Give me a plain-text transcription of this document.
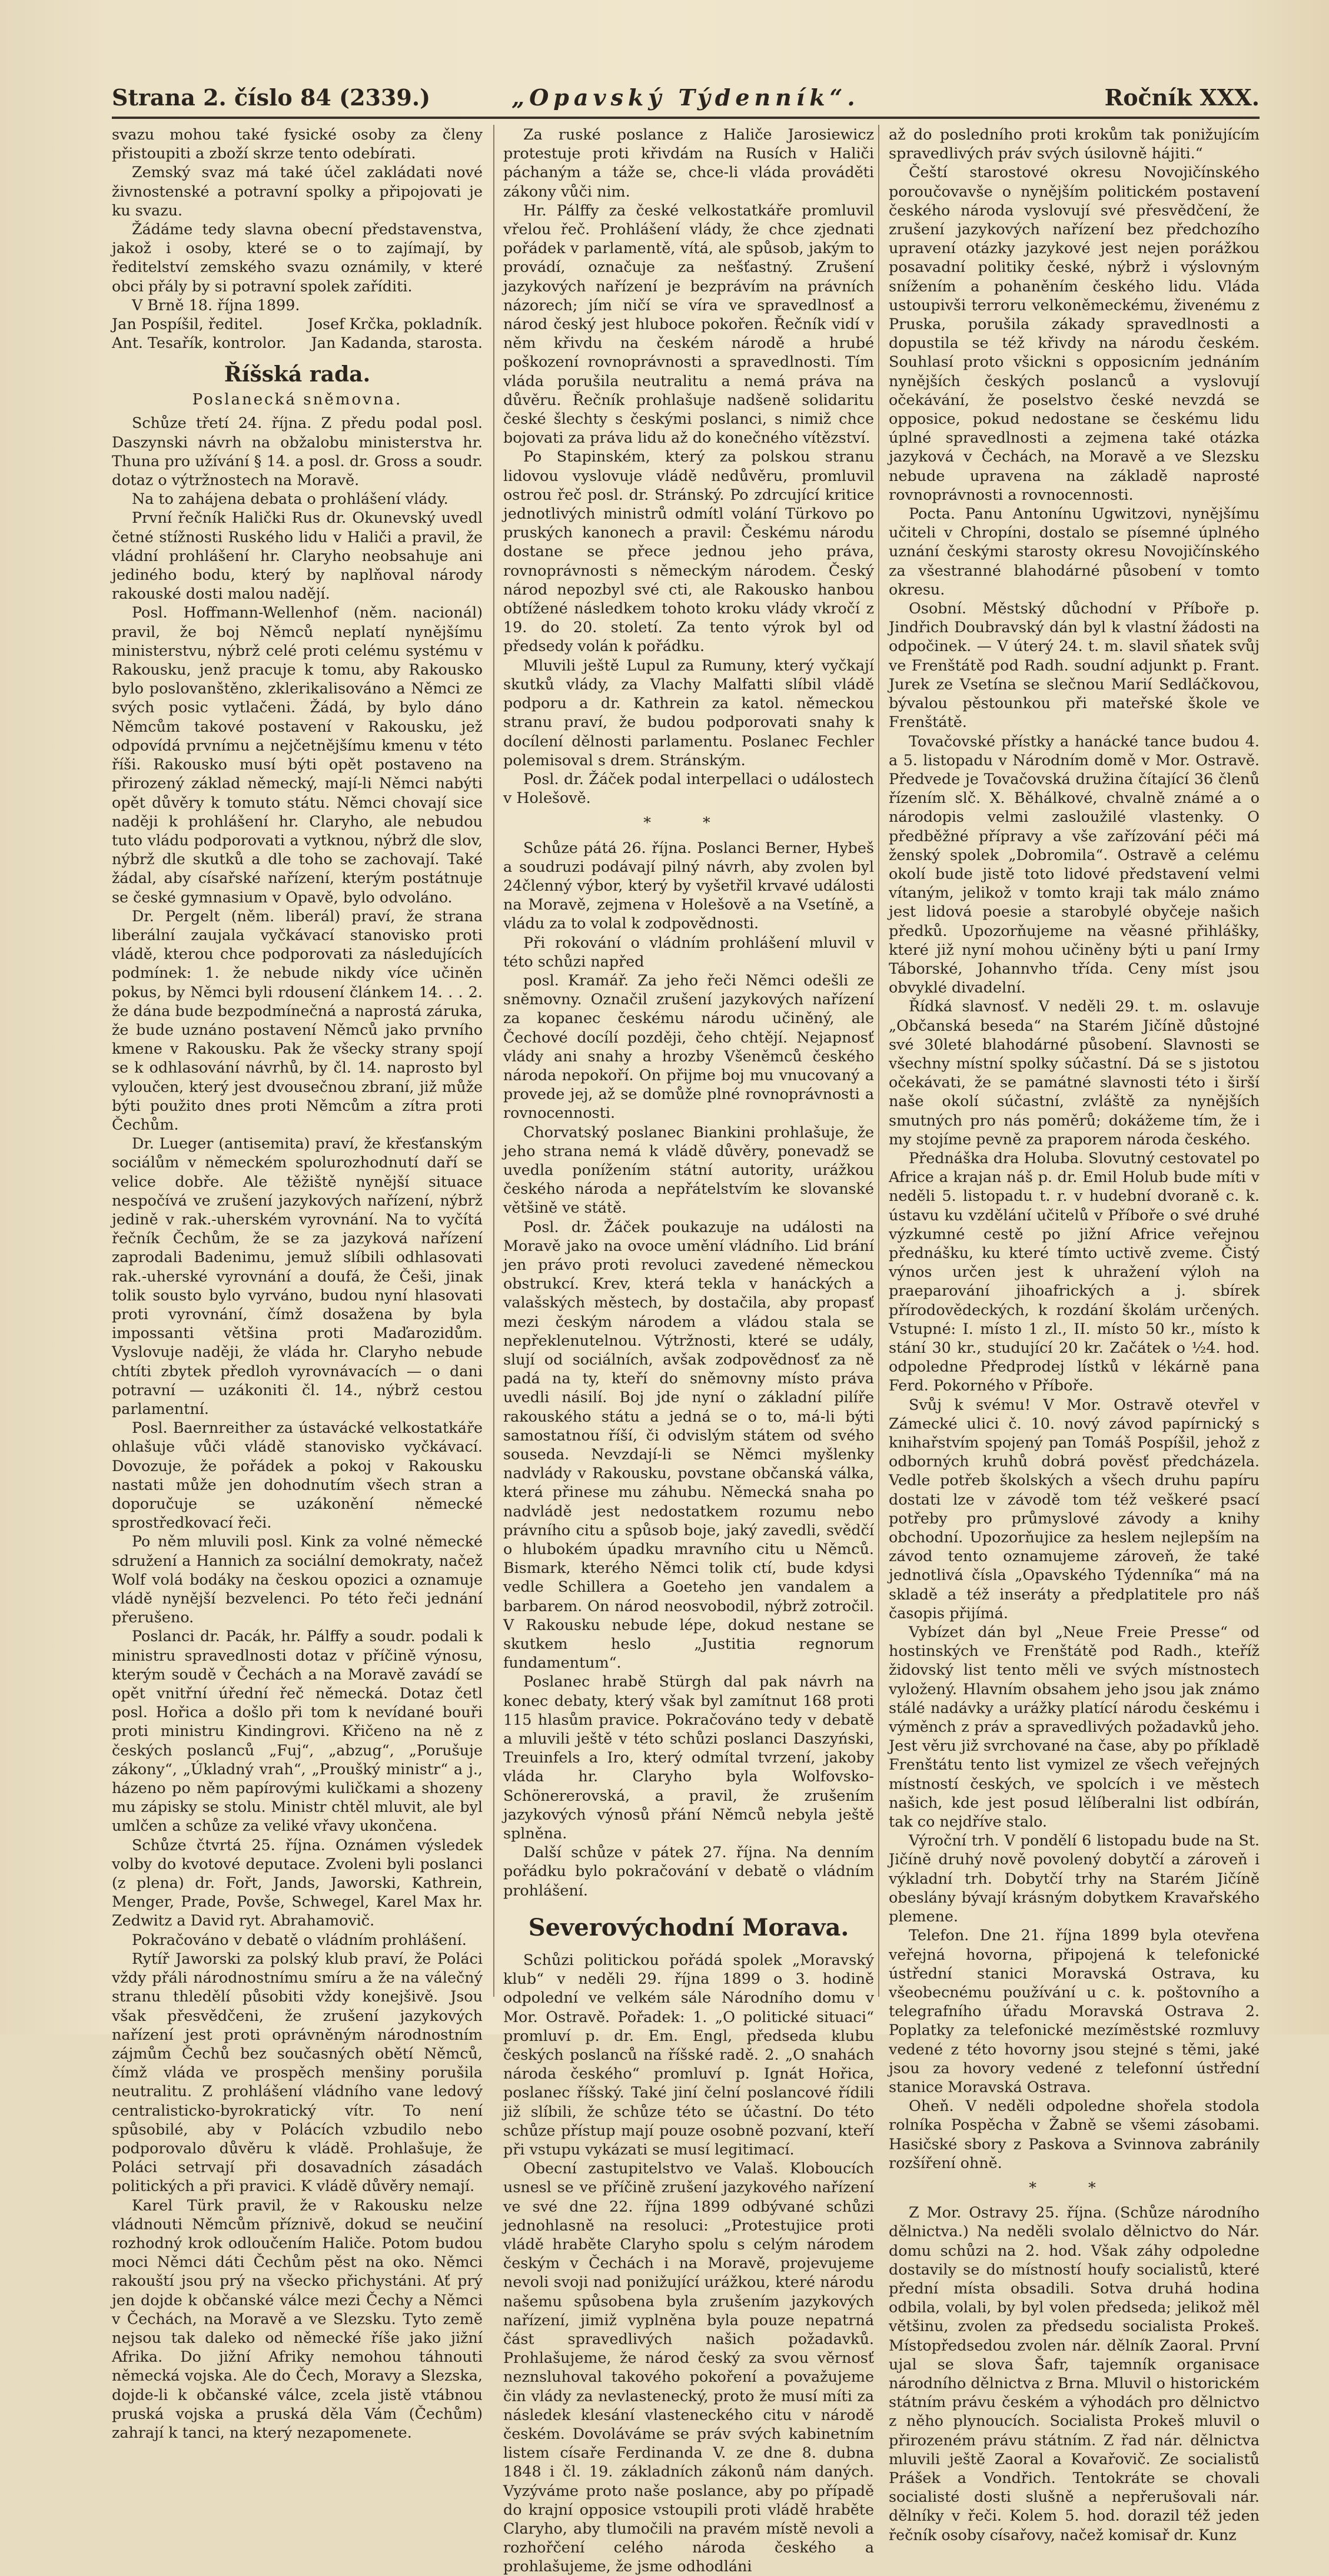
Strana 2. číslo 84 (2339.)	„Opavský Týdenník“.	Ročník XXX.

svazu mohou také fysické osoby za členy přistoupiti a zboží skrze tento odebírati.

Zemský svaz má také účel zakládati nové živnostenské a potravní spolky a připojovati je ku svazu.

Žádáme tedy slavna obecní představenstva, jakož i osoby, které se o to zajímají, by ředitelství zemského svazu oznámily, v které obci přály by si potravní spolek zaříditi.

V Brně 18. října 1899.

Jan Pospíšil, ředitel.	Josef Krčka, pokladník.
Ant. Tesařík, kontrolor. Jan Kadanda, starosta.
Říšská rada.
Poslanecká sněmovna.

Schůze třetí 24. října. Z předu podal posl. Daszynski návrh na obžalobu ministerstva hr. Thuna pro užívání § 14. a posl. dr. Gross a soudr. dotaz o výtržnostech na Moravě.

Na to zahájena debata o prohlášení vlády.

První řečník Halički Rus dr. Okunevský uvedl četné stížnosti Ruského lidu v Haliči a pravil, že vládní prohlášení hr. Claryho neobsahuje ani jediného bodu, který by naplňoval národy rakouské dosti malou nadějí.

Posl. Hoffmann-Wellenhof (něm. nacionál) pravil, že boj Němců neplatí nynějšímu ministerstvu, nýbrž celé proti celému systému v Rakousku, jenž pracuje k tomu, aby Rakousko bylo poslovanštěno, zklerikalisováno a Němci ze svých posic vytlačeni. Žádá, by bylo dáno Němcům takové postavení v Rakousku, jež odpovídá prvnímu a nejčetnějšímu kmenu v této říši. Rakousko musí býti opět postaveno na přirozený základ německý, mají-li Němci nabýti opět důvěry k tomuto státu. Němci chovají sice naději k prohlášení hr. Claryho, ale nebudou tuto vládu podporovati a vytknou, nýbrž dle slov, nýbrž dle skutků a dle toho se zachovají. Také žádal, aby císařské nařízení, kterým postátnuje se české gymnasium v Opavě, bylo odvoláno.

Dr. Pergelt (něm. liberál) praví, že strana liberální zaujala vyčkávací stanovisko proti vládě, kterou chce podporovati za následujících podmínek: 1. že nebude nikdy více učiněn pokus, by Němci byli rdousení článkem 14. . . 2. že dána bude bezpodmínečná a naprostá záruka, že bude uznáno postavení Němců jako prvního kmene v Rakousku. Pak že všecky strany spojí se k odhlasování návrhů, by čl. 14. naprosto byl vyloučen, který jest dvousečnou zbraní, již může býti použito dnes proti Němcům a zítra proti Čechům.

Dr. Lueger (antisemita) praví, že křesťanským sociálům v německém spolurozhodnutí daří se velice dobře. Ale těžiště nynější situace nespočívá ve zrušení jazykových nařízení, nýbrž jedině v rak.-uherském vyrovnání. Na to vyčítá řečník Čechům, že se za jazyková nařízení zaprodali Badenimu, jemuž slíbili odhlasovati rak.-uherské vyrovnání a doufá, že Češi, jinak tolik sousto bylo vyrváno, budou nyní hlasovati proti vyrovnání, čímž dosažena by byla impossanti většina proti Maďarozidům. Vyslovuje naději, že vláda hr. Claryho nebude chtíti zbytek předloh vyrovnávacích — o dani potravní — uzákoniti čl. 14., nýbrž cestou parlamentní.

Posl. Baernreither za ústavácké velkostatkáře ohlašuje vůči vládě stanovisko vyčkávací. Dovozuje, že pořádek a pokoj v Rakousku nastati může jen dohodnutím všech stran a doporučuje se uzákonění německé sprostředkovací řeči.

Po něm mluvili posl. Kink za volné německé sdružení a Hannich za sociální demokraty, načež Wolf volá bodáky na českou opozici a oznamuje vládě nynější bezvelenci. Po této řeči jednání přerušeno.

Poslanci dr. Pacák, hr. Pálffy a soudr. podali k ministru spravedlnosti dotaz v příčině výnosu, kterým soudě v Čechách a na Moravě zavádí se opět vnitřní úřední řeč německá. Dotaz četl posl. Hořica a došlo při tom k nevídané bouři proti ministru Kindingrovi. Křičeno na ně z českých poslanců „Fuj“, „abzug“, „Porušuje zákony“, „Úkladný vrah“, „Proušký ministr“ a j., házeno po něm papírovými kuličkami a shozeny mu zápisky se stolu. Ministr chtěl mluvit, ale byl umlčen a schůze za veliké vřavy ukončena.

Schůze čtvrtá 25. října. Oznámen výsledek volby do kvotové deputace. Zvoleni byli poslanci (z plena) dr. Fořt, Jands, Jaworski, Kathrein, Menger, Prade, Povše, Schwegel, Karel Max hr. Zedwitz a David ryt. Abrahamovič.

Pokračováno v debatě o vládním prohlášení.

Rytíř Jaworski za polský klub praví, že Poláci vždy přáli národnostnímu smíru a že na válečný stranu thledělí působiti vždy konejšivě. Jsou však přesvědčeni, že zrušení jazykových nařízení jest proti oprávněným národnostním zájmům Čechů bez současných obětí Němců, čímž vláda ve prospěch menšiny porušila neutralitu. Z prohlášení vládního vane ledový centralisticko-byrokratický vítr. To není spůsobilé, aby v Polácích vzbudilo nebo podporovalo důvěru k vládě. Prohlašuje, že Poláci setrvají při dosavadních zásadách politických a při pravici. K vládě důvěry nemají.

Karel Türk pravil, že v Rakousku nelze vládnouti Němcům příznivě, dokud se neučiní rozhodný krok odloučením Haliče. Potom budou moci Němci dáti Čechům pěst na oko. Němci rakouští jsou prý na všecko přichystáni. Ať prý jen dojde k občanské válce mezi Čechy a Němci v Čechách, na Moravě a ve Slezsku. Tyto země nejsou tak daleko od německé říše jako jižní Afrika. Do jižní Afriky nemohou táhnouti německá vojska. Ale do Čech, Moravy a Slezska, dojde-li k občanské válce, zcela jistě vtábnou pruská vojska a pruská děla Vám (Čechům) zahrají k tanci, na který nezapomenete.

Za ruské poslance z Haliče Jarosiewicz protestuje proti křivdám na Rusích v Haliči páchaným a táže se, chce-li vláda prováděti zákony vůči nim.

Hr. Pálffy za české velkostatkáře promluvil vřelou řeč. Prohlášení vlády, že chce zjednati pořádek v parlamentě, vítá, ale spůsob, jakým to provádí, označuje za nešťastný. Zrušení jazykových nařízení je bezprávím na právních názorech; jím ničí se víra ve spravedlnosť a národ český jest hluboce pokořen. Řečník vidí v něm křivdu na českém národě a hrubé poškození rovnoprávnosti a spravedlnosti. Tím vláda porušila neutralitu a nemá práva na důvěru. Řečník prohlašuje nadšeně solidaritu české šlechty s českými poslanci, s nimiž chce bojovati za práva lidu až do konečného vítězství.

Po Stapinském, který za polskou stranu lidovou vyslovuje vládě nedůvěru, promluvil ostrou řeč posl. dr. Stránský. Po zdrcující kritice jednotlivých ministrů odmítl volání Türkovo po pruských kanonech a pravil: Českému národu dostane se přece jednou jeho práva, rovnoprávnosti s německým národem. Český národ nepozbyl své cti, ale Rakousko hanbou obtížené následkem tohoto kroku vlády vkročí z 19. do 20. století. Za tento výrok byl od předsedy volán k pořádku.

Mluvili ještě Lupul za Rumuny, který vyčkají skutků vlády, za Vlachy Malfatti slíbil vládě podporu a dr. Kathrein za katol. německou stranu praví, že budou podporovati snahy k docílení dělnosti parlamentu. Poslanec Fechler polemisoval s drem. Stránským.

Posl. dr. Žáček podal interpellaci o událostech v Holešově.

* *

Schůze pátá 26. října. Poslanci Berner, Hybeš a soudruzi podávají pilný návrh, aby zvolen byl 24členný výbor, který by vyšetřil krvavé události na Moravě, zejmena v Holešově a na Vsetíně, a vládu za to volal k zodpovědnosti.

Při rokování o vládním prohlášení mluvil v této schůzi napřed

posl. Kramář. Za jeho řeči Němci odešli ze sněmovny. Označil zrušení jazykových nařízení za kopanec českému národu učiněný, ale Čechové docílí později, čeho chtějí. Nejapnosť vlády ani snahy a hrozby Všeněmců českého národa nepokoří. On přijme boj mu vnucovaný a provede jej, až se domůže plné rovnoprávnosti a rovnocennosti.

Chorvatský poslanec Biankini prohlašuje, že jeho strana nemá k vládě důvěry, ponevadž se uvedla ponížením státní autority, urážkou českého národa a nepřátelstvím ke slovanské většině ve státě.

Posl. dr. Žáček poukazuje na události na Moravě jako na ovoce umění vládního. Lid brání jen právo proti revoluci zavedené německou obstrukcí. Krev, která tekla v hanáckých a valašských městech, by dostačila, aby propasť mezi českým národem a vládou stala se nepřeklenutelnou. Výtržnosti, které se udály, slují od sociálních, avšak zodpovědnosť za ně padá na ty, kteří do sněmovny místo práva uvedli násilí. Boj jde nyní o základní pilíře rakouského státu a jedná se o to, má-li býti samostatnou říší, či odvislým státem od svého souseda. Nevzdají-li se Němci myšlenky nadvlády v Rakousku, povstane občanská válka, která přinese mu záhubu. Německá snaha po nadvládě jest nedostatkem rozumu nebo právního citu a spůsob boje, jaký zavedli, svědčí o hlubokém úpadku mravního citu u Němců. Bismark, kterého Němci tolik ctí, bude kdysi vedle Schillera a Goeteho jen vandalem a barbarem. On národ neosvobodil, nýbrž zotročil. V Rakousku nebude lépe, dokud nestane se skutkem heslo „Justitia regnorum fundamentum“.

Poslanec hrabě Stürgh dal pak návrh na konec debaty, který však byl zamítnut 168 proti 115 hlasům pravice. Pokračováno tedy v debatě a mluvili ještě v této schůzi poslanci Daszyński, Treuinfels a Iro, který odmítal tvrzení, jakoby vláda hr. Claryho byla Wolfovsko-Schönererovská, a pravil, že zrušením jazykových výnosů přání Němců nebyla ještě splněna.

Další schůze v pátek 27. října. Na denním pořádku bylo pokračování v debatě o vládním prohlášení.

Severovýchodní Morava.

Schůzi politickou pořádá spolek „Moravský klub“ v neděli 29. října 1899 o 3. hodině odpolední ve velkém sále Národního domu v Mor. Ostravě. Pořadek: 1. „O politické situaci“ promluví p. dr. Em. Engl, předseda klubu českých poslanců na říšské radě. 2. „O snahách národa českého“ promluví p. Ignát Hořica, poslanec říšský. Také jiní čelní poslancové řídili již slíbili, že schůze této se účastní. Do této schůze přístup mají pouze osobně pozvaní, kteří při vstupu vykázati se musí legitimací.

Obecní zastupitelstvo ve Valaš. Kloboucích usnesl se ve příčině zrušení jazykového nařízení ve své dne 22. října 1899 odbývané schůzi jednohlasně na resoluci: „Protestujice proti vládě hraběte Claryho spolu s celým národem českým v Čechách i na Moravě, projevujeme nevoli svoji nad ponižující urážkou, které národu našemu spůsobena byla zrušením jazykových nařízení, jimiž vyplněna byla pouze nepatrná část spravedlivých našich požadavků. Prohlašujeme, že národ český za svou věrnosť neznsluhoval takového pokoření a považujeme čin vlády za nevlastenecký, proto že musí míti za následek klesání vlasteneckého citu v národě českém. Dovoláváme se práv svých kabinetním listem císaře Ferdinanda V. ze dne 8. dubna 1848 i čl. 19. základních zákonů nám daných. Vyzýváme proto naše poslance, aby po případě do krajní opposice vstoupili proti vládě hraběte Claryho, aby tlumočili na pravém místě nevoli a rozhořčení celého národa českého a prohlašujeme, že jsme odhodláni

až do posledního proti krokům tak ponižujícím spravedlivých práv svých úsilovně hájiti.“

Čeští starostové okresu Novojičínského poroučovavše o nynějším politickém postavení českého národa vyslovují své přesvědčení, že zrušení jazykových nařízení bez předchozího upravení otázky jazykové jest nejen porážkou posavadní politiky české, nýbrž i výslovným snížením a pohaněním českého lidu. Vláda ustoupivši terroru velkoněmeckému, živenému z Pruska, porušila zákady spravedlnosti a dopustila se též křivdy na národu českém. Souhlasí proto všickni s opposicním jednáním nynějších českých poslanců a vyslovují očekávání, že poselstvo české nevzdá se opposice, pokud nedostane se českému lidu úplné spravedlnosti a zejmena také otázka jazyková v Čechách, na Moravě a ve Slezsku nebude upravena na základě naprosté rovnoprávnosti a rovnocennosti.

Pocta. Panu Antonínu Ugwitzovi, nynějšímu učiteli v Chropíni, dostalo se písemné úplného uznání českými starosty okresu Novojičínského za všestranné blahodárné působení v tomto okresu.

Osobní. Městský důchodní v Příboře p. Jindřich Doubravský dán byl k vlastní žádosti na odpočinek. — V úterý 24. t. m. slavil sňatek svůj ve Frenštátě pod Radh. soudní adjunkt p. Frant. Jurek ze Vsetína se slečnou Marií Sedláčkovou, bývalou pěstounkou při mateřské škole ve Frenštátě.

Tovačovské přístky a hanácké tance budou 4. a 5. listopadu v Národním domě v Mor. Ostravě. Předvede je Tovačovská družina čítající 36 členů řízením slč. X. Běhálkové, chvalně známé a o národopis velmi zasloužilé vlastenky. O předběžné přípravy a vše zařízování péči má ženský spolek „Dobromila“. Ostravě a celému okolí bude jistě toto lidové představení velmi vítaným, jelikož v tomto kraji tak málo známo jest lidová poesie a starobylé obyčeje našich předků. Upozorňujeme na věasné přihlášky, které již nyní mohou učiněny býti u paní Irmy Táborské, Johannvho třída. Ceny míst jsou obvyklé divadelní.

Řídká slavnosť. V neděli 29. t. m. oslavuje „Občanská beseda“ na Starém Jičíně důstojné své 30leté blahodárné působení. Slavnosti se všechny místní spolky súčastní. Dá se s jistotou očekávati, že se památné slavnosti této i širší naše okolí súčastní, zvláště za nynějších smutných pro nás poměrů; dokážeme tím, že i my stojíme pevně za praporem národa českého.

Přednáška dra Holuba. Slovutný cestovatel po Africe a krajan náš p. dr. Emil Holub bude míti v neděli 5. listopadu t. r. v hudební dvoraně c. k. ústavu ku vzdělání učitelů v Příboře o své druhé výzkumné cestě po jižní Africe veřejnou přednášku, ku které tímto uctivě zveme. Čistý výnos určen jest k uhražení výloh na praeparování jihoafrických a j. sbírek přírodovědeckých, k rozdání školám určených. Vstupné: I. místo 1 zl., II. místo 50 kr., místo k stání 30 kr., studující 20 kr. Začátek o ½4. hod. odpoledne Předprodej lístků v lékárně pana Ferd. Pokorného v Příboře.

Svůj k svému! V Mor. Ostravě otevřel v Zámecké ulici č. 10. nový závod papírnický s knihařstvím spojený pan Tomáš Pospíšil, jehož z odborných kruhů dobrá pověsť předcházela. Vedle potřeb školských a všech druhu papíru dostati lze v závodě tom též veškeré psací potřeby pro průmyslové závody a knihy obchodní. Upozorňujice za heslem nejlepším na závod tento oznamujeme zároveň, že také jednotlivá čísla „Opavského Týdenníka“ má na skladě a též inseráty a předplatitele pro náš časopis přijímá.

Vybízet dán byl „Neue Freie Presse“ od hostinských ve Frenštátě pod Radh., kteříž židovský list tento měli ve svých místnostech vyložený. Hlavním obsahem jeho jsou jak známo stálé nadávky a urážky platící národu českému i výměnch z práv a spravedlivých požadavků jeho. Jest věru již svrchované na čase, aby po příkladě Frenštátu tento list vymizel ze všech veřejných místností českých, ve spolcích i ve městech našich, kde jest posud lělíberalni list odbírán, tak co nejdříve stalo.

Výroční trh. V pondělí 6 listopadu bude na St. Jičíně druhý nově povolený dobytčí a zároveň i výkladní trh. Dobytčí trhy na Starém Jičíně obeslány bývají krásným dobytkem Kravařského plemene.

Telefon. Dne 21. října 1899 byla otevřena veřejná hovorna, připojená k telefonické ústřední stanici Moravská Ostrava, ku všeobecnému používání u c. k. poštovního a telegrafního úřadu Moravská Ostrava 2. Poplatky za telefonické mezíměstské rozmluvy vedené z této hovorny jsou stejné s těmi, jaké jsou za hovory vedené z telefonní ústřední stanice Moravská Ostrava.

Oheň. V neděli odpoledne shořela stodola rolníka Pospěcha v Žabně se všemi zásobami. Hasičské sbory z Paskova a Svinnova zabránily rozšíření ohně.

* *

Z Mor. Ostravy 25. října. (Schůze národního dělnictva.) Na neděli svolalo dělnictvo do Nár. domu schůzi na 2. hod. Však záhy odpoledne dostavily se do místností houfy socialistů, které přední místa obsadili. Sotva druhá hodina odbila, volali, by byl volen předseda; jelikož měl většinu, zvolen za předsedu socialista Prokeš. Místopředsedou zvolen nár. dělník Zaoral. První ujal se slova Šafr, tajemník organisace národního dělnictva z Brna. Mluvil o historickém státním právu českém a výhodách pro dělnictvo z něho plynoucích. Socialista Prokeš mluvil o přirozeném právu státním. Z řad nár. dělnictva mluvili ještě Zaoral a Kovařovič. Ze socialistů Prášek a Vondřich. Tentokráte se chovali socialisté dosti slušně a nepřerušovali nár. dělníky v řeči. Kolem 5. hod. dorazil též jeden řečník osoby císařovy, načež komisař dr. Kunz
